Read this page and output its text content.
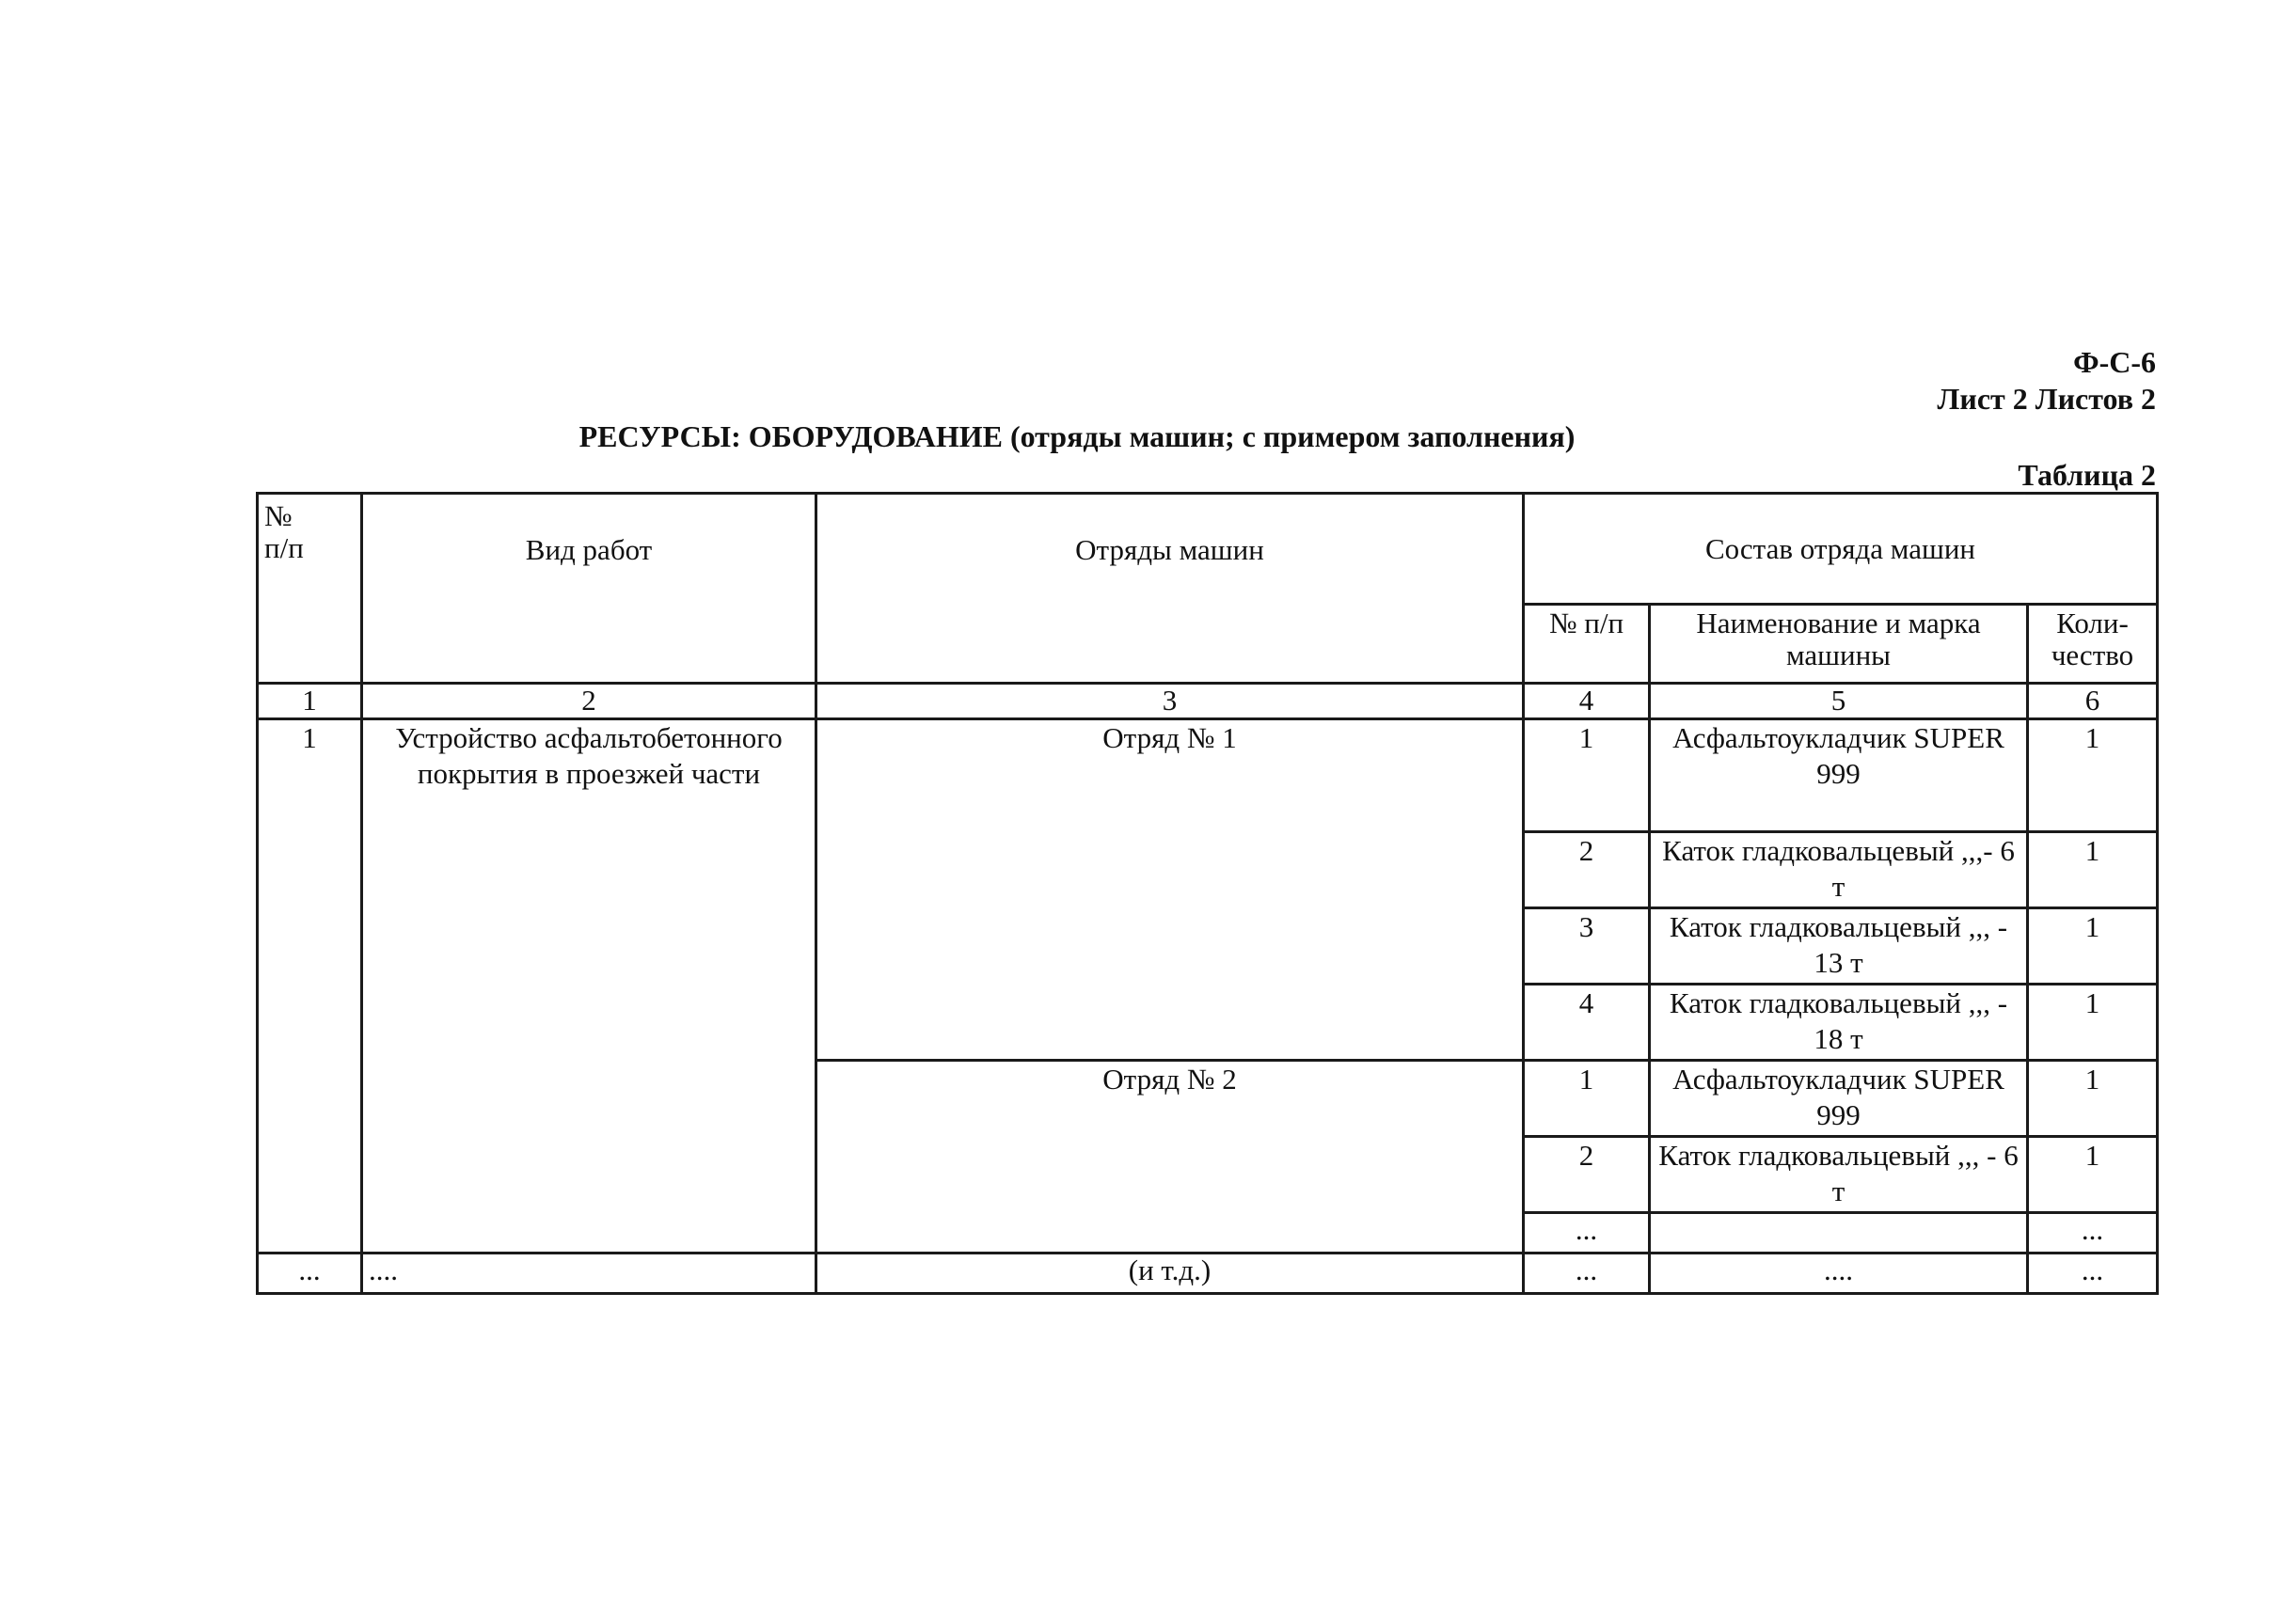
Ф-С-6
Лист 2 Листов 2
РЕСУРСЫ: ОБОРУДОВАНИЕ (отряды машин; с примером заполнения)
Таблица 2
№
п/п	Вид работ	Отряды машин	Состав отряда машин		
			№ п/п	Наименование и марка машины	Коли-
чество
1	2	3	4	5	6
1	Устройство асфальтобетонного покрытия в проезжей части	Отряд № 1	1	Асфальтоукладчик SUPER 999	1
			2	Каток гладковальцевый ,,,- 6 т	1
			3	Каток гладковальцевый ,,, - 13 т	1
			4	Каток гладковальцевый ,,, - 18 т	1
		Отряд № 2	1	Асфальтоукладчик SUPER 999	1
			2	Каток гладковальцевый ,,, - 6 т	1
			...		...

...	....	(и т.д.)	...	....	...
